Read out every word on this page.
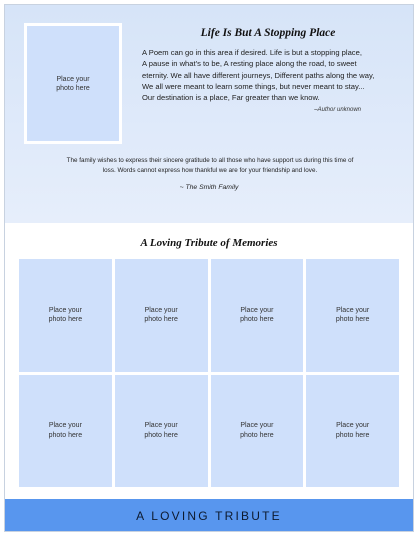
Place your
photo here
Life Is But A Stopping Place
A Poem can go in this area if desired. Life is but a stopping place,
A pause in what's to be, A resting place along the road, to sweet
eternity. We all have different journeys, Different paths along the way,
We all were meant to learn some things, but never meant to stay...
Our destination is a place, Far greater than we know.
–Author unknown
The family wishes to express their sincere gratitude to all those who have support us during this time of
loss. Words cannot express how thankful we are for your friendship and love.
~ The Smith Family
A Loving Tribute of Memories
Place your
photo here
Place your
photo here
Place your
photo here
Place your
photo here
Place your
photo here
Place your
photo here
Place your
photo here
Place your
photo here
A LOVING TRIBUTE
